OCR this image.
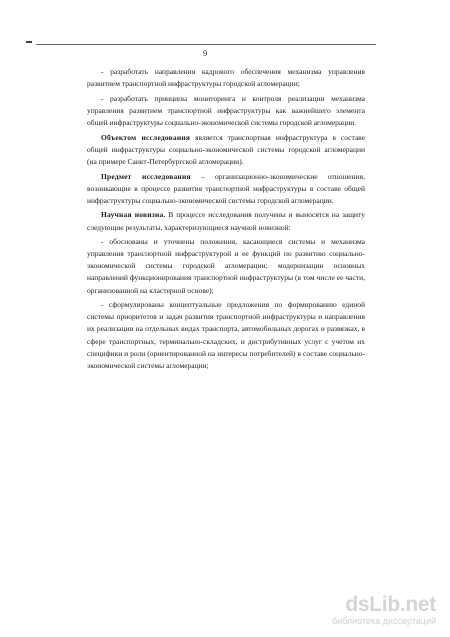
9

- разработать направления кадрового обеспечения механизма управления развитием транспортной инфраструктуры городской агломерации;

- разработать принципы мониторинга и контроля реализации механизма управления развитием транспортной инфраструктуры как важнейшего элемента общей инфраструктуры социально-экономической системы городской агломерации.

Объектом исследования является транспортная инфраструктура в составе общей инфраструктуры социально-экономической системы городской агломерации (на примере Санкт-Петербургской агломерации).

Предмет исследования – организационно-экономические отношения, возникающие в процессе развития транспортной инфраструктуры в составе общей инфраструктуры социально-экономической системы городской агломерации.

Научная новизна. В процессе исследования получены и выносятся на защиту следующие результаты, характеризующиеся научной новизной:

- обоснованы и уточнены положения, касающиеся системы и механизма управления транспортной инфраструктурой и ее функций по развитию социально-экономической системы городской агломерации; модернизации основных направлений функционирования транспортной инфраструктуры (в том числе ее части, организованной на кластерной основе);

- сформулированы концептуальные предложения по формированию единой системы приоритетов и задач развития транспортной инфраструктуры и направления их реализации на отдельных видах транспорта, автомобильных дорогах и развязках, в сфере транспортных, терминально-складских, и дистрибутивных услуг с учетом их специфики и роли (ориентированной на интересы потребителей) в составе социально-экономической системы агломерации;

dsLib.net
библиотека диссертаций
